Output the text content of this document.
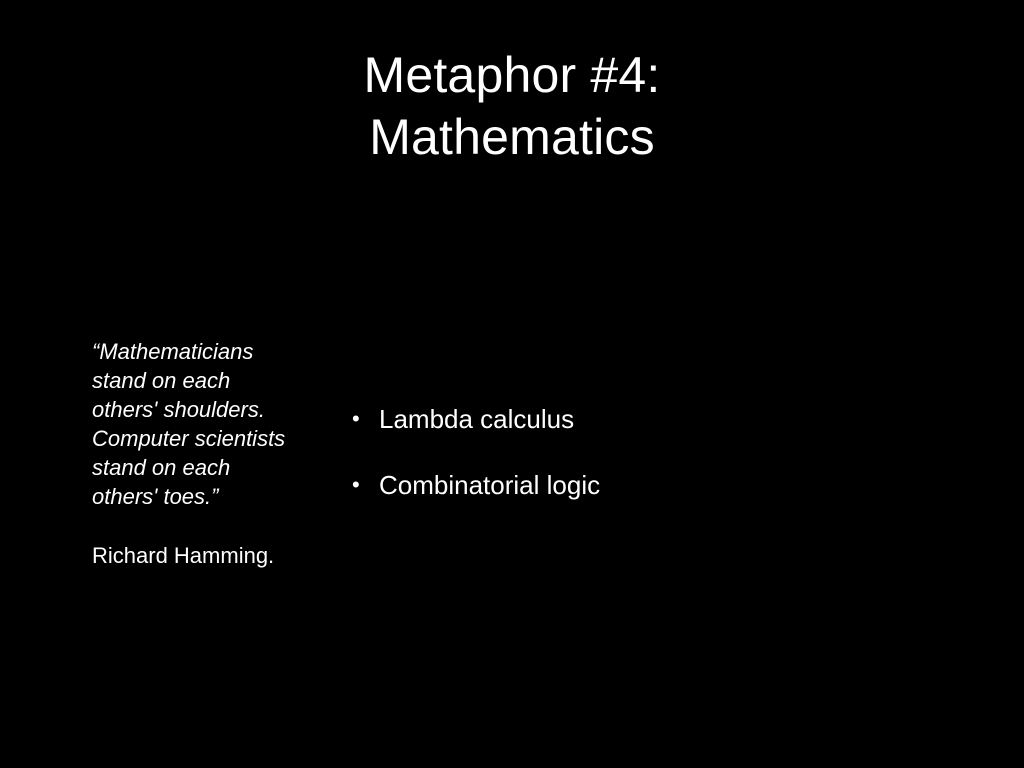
Metaphor #4:
Mathematics
“Mathematicians
stand on each
others' shoulders.
Computer scientists
stand on each
others' toes.”
Richard Hamming.
• Lambda calculus
• Combinatorial logic
